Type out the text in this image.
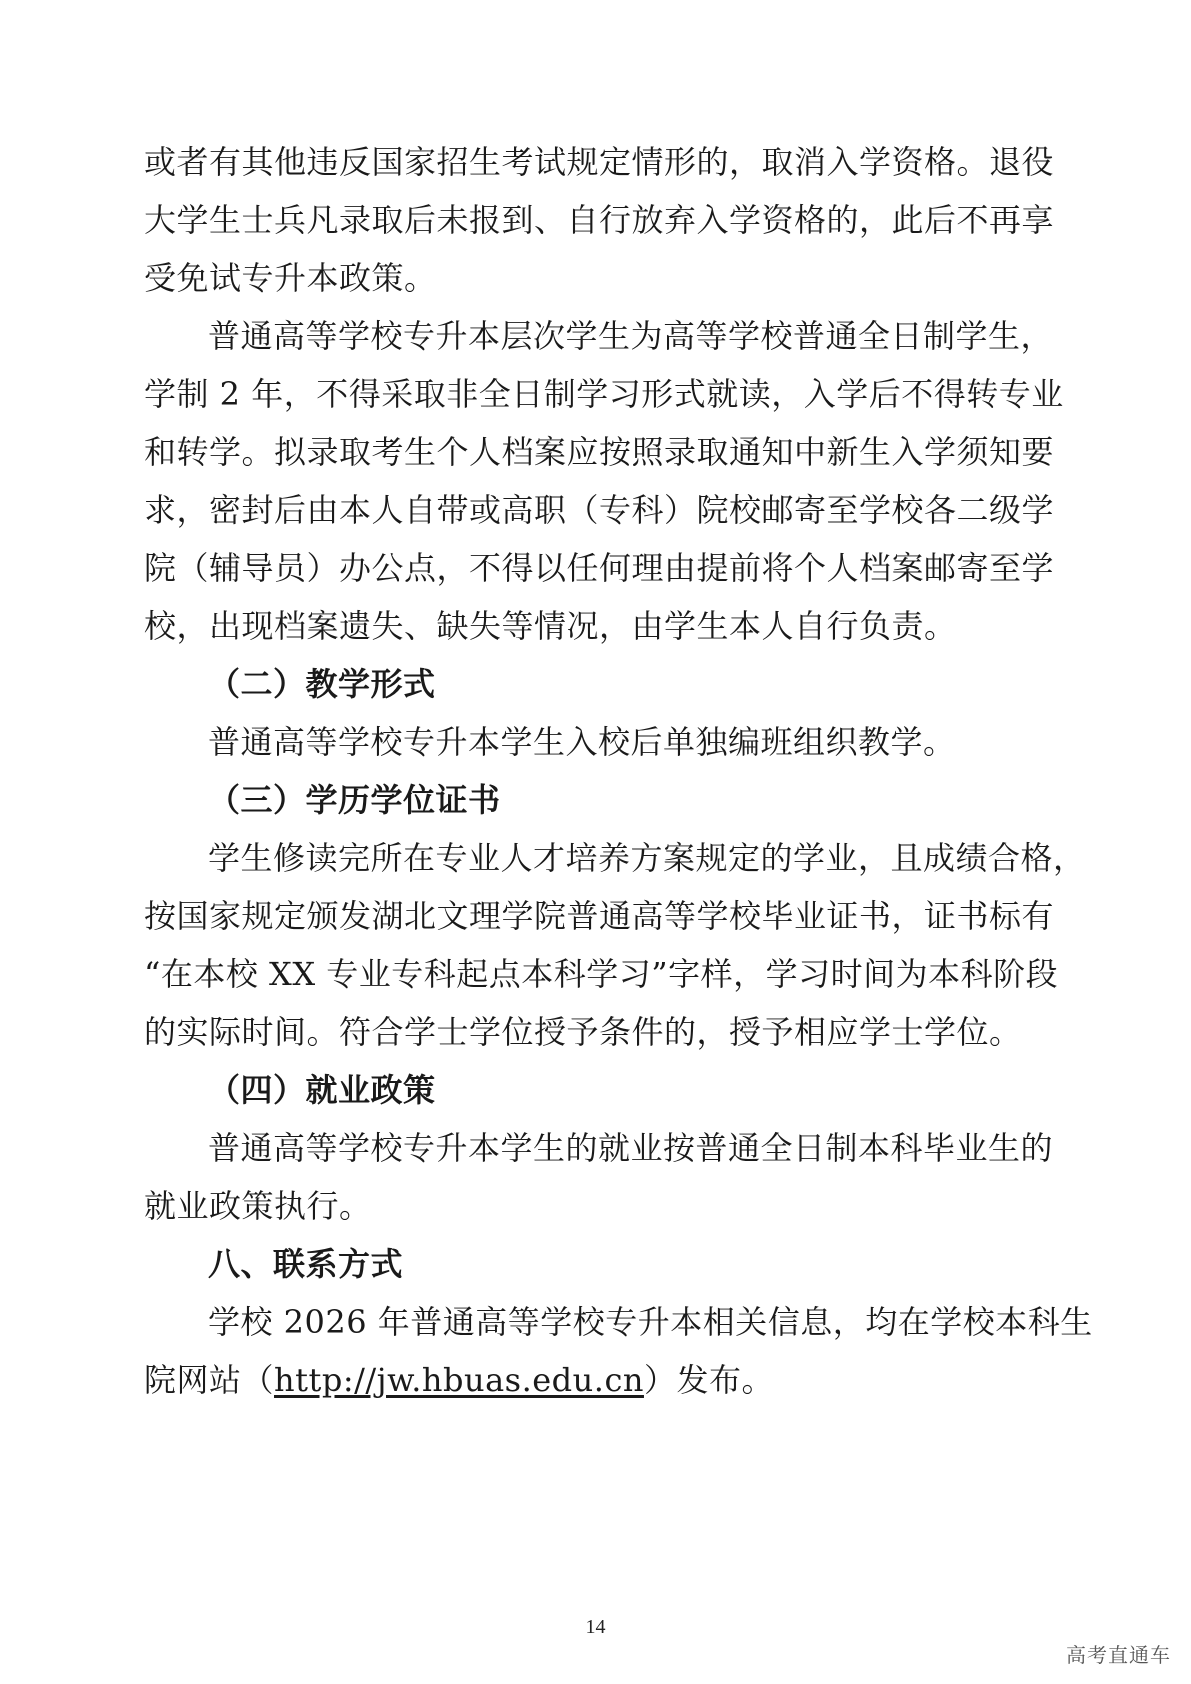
或者有其他违反国家招生考试规定情形的，取消入学资格。退役
大学生士兵凡录取后未报到、自行放弃入学资格的，此后不再享
受免试专升本政策。
普通高等学校专升本层次学生为高等学校普通全日制学生，
学制 2 年，不得采取非全日制学习形式就读，入学后不得转专业
和转学。拟录取考生个人档案应按照录取通知中新生入学须知要
求，密封后由本人自带或高职（专科）院校邮寄至学校各二级学
院（辅导员）办公点，不得以任何理由提前将个人档案邮寄至学
校，出现档案遗失、缺失等情况，由学生本人自行负责。
（二）教学形式
普通高等学校专升本学生入校后单独编班组织教学。
（三）学历学位证书
学生修读完所在专业人才培养方案规定的学业，且成绩合格，
按国家规定颁发湖北文理学院普通高等学校毕业证书，证书标有
“在本校 XX 专业专科起点本科学习”字样，学习时间为本科阶段
的实际时间。符合学士学位授予条件的，授予相应学士学位。
（四）就业政策
普通高等学校专升本学生的就业按普通全日制本科毕业生的
就业政策执行。
八、联系方式
学校 2026 年普通高等学校专升本相关信息，均在学校本科生
院网站（http://jw.hbuas.edu.cn）发布。
14
高考直通车
